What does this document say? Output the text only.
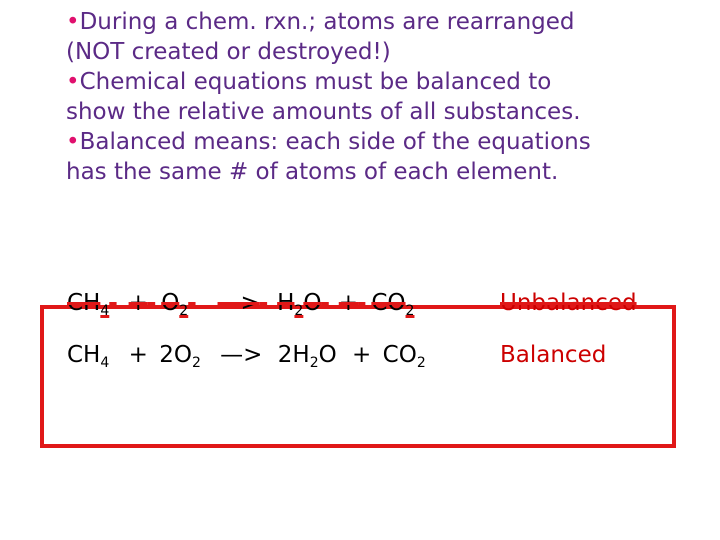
•During a chem. rxn.; atoms are rearranged
(NOT created or destroyed!)
•Chemical equations must be balanced to
show the relative amounts of all substances.
•Balanced means: each side of the equations
has the same # of atoms of each element.
$CH_4 + O_2$ —> $H_2O + CO_2$	Unbalanced
$CH_4 + 2O_2$ —> $2H_2O + CO_2$	Balanced
